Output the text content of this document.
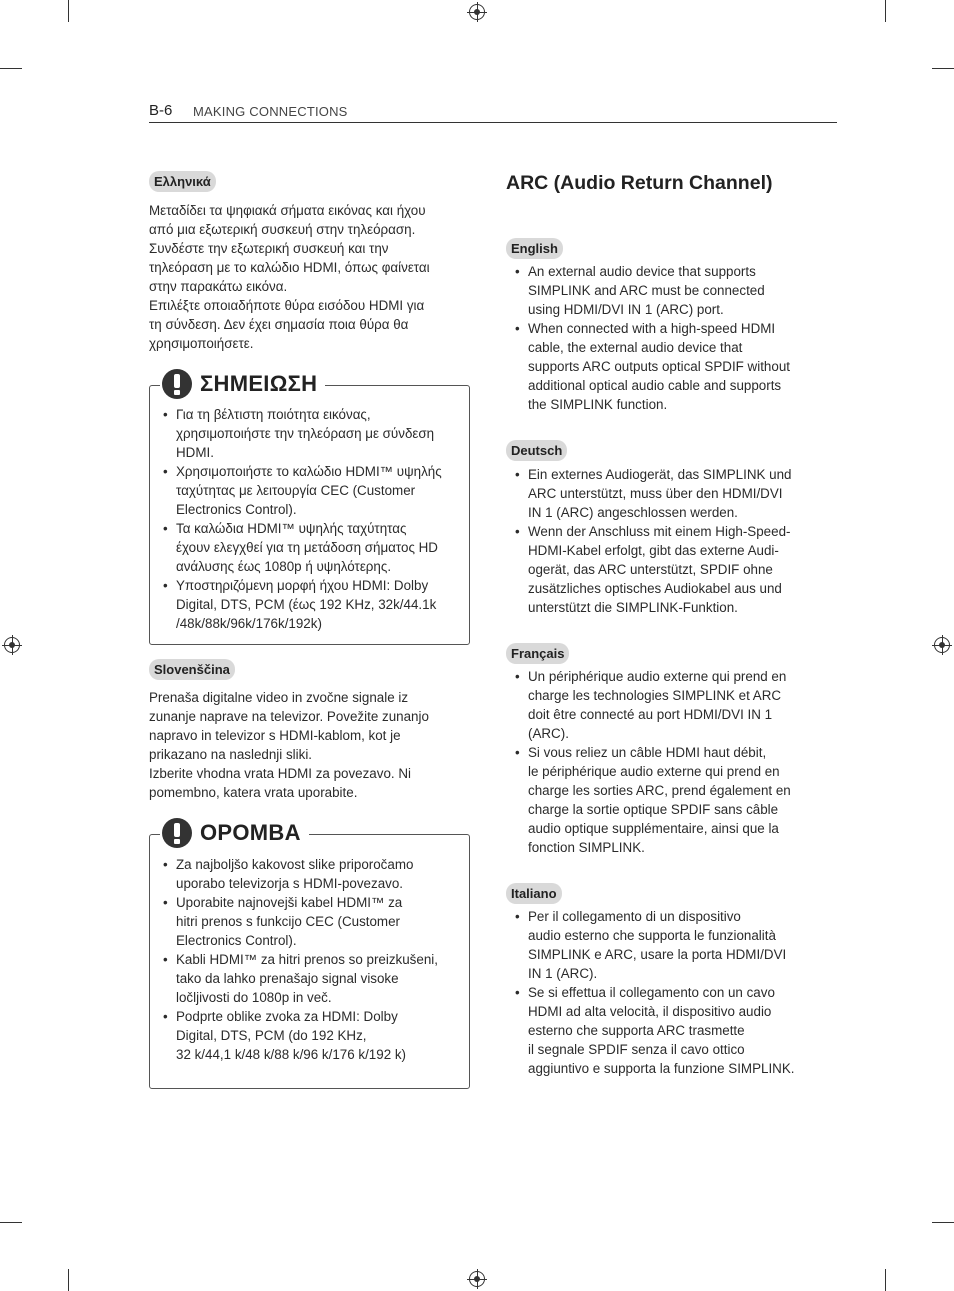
B-6 MAKING CONNECTIONS
Ελληνικά
Μεταδίδει τα ψηφιακά σήματα εικόνας και ήχου
από μια εξωτερική συσκευή στην τηλεόραση.
Συνδέστε την εξωτερική συσκευή και την
τηλεόραση με το καλώδιο HDMI, όπως φαίνεται
στην παρακάτω εικόνα.
Επιλέξτε οποιαδήποτε θύρα εισόδου HDMI για
τη σύνδεση. Δεν έχει σημασία ποια θύρα θα
χρησιμοποιήσετε.
ΣΗΜΕΙΩΣΗ
• Για τη βέλτιστη ποιότητα εικόνας,
χρησιμοποιήστε την τηλεόραση με σύνδεση
HDMI.
• Χρησιμοποιήστε το καλώδιο HDMI™ υψηλής
ταχύτητας με λειτουργία CEC (Customer
Electronics Control).
• Τα καλώδια HDMI™ υψηλής ταχύτητας
έχουν ελεγχθεί για τη μετάδοση σήματος HD
ανάλυσης έως 1080p ή υψηλότερης.
• Υποστηριζόμενη μορφή ήχου HDMI: Dolby
Digital, DTS, PCM (έως 192 KHz, 32k/44.1k
/48k/88k/96k/176k/192k)
Slovenščina
Prenaša digitalne video in zvočne signale iz
zunanje naprave na televizor. Povežite zunanjo
napravo in televizor s HDMI-kablom, kot je
prikazano na naslednji sliki.
Izberite vhodna vrata HDMI za povezavo. Ni
pomembno, katera vrata uporabite.
OPOMBA
• Za najboljšo kakovost slike priporočamo
uporabo televizorja s HDMI-povezavo.
• Uporabite najnovejši kabel HDMI™ za
hitri prenos s funkcijo CEC (Customer
Electronics Control).
• Kabli HDMI™ za hitri prenos so preizkušeni,
tako da lahko prenašajo signal visoke
ločljivosti do 1080p in več.
• Podprte oblike zvoka za HDMI: Dolby
Digital, DTS, PCM (do 192 KHz,
32 k/44,1 k/48 k/88 k/96 k/176 k/192 k)
ARC (Audio Return Channel)
English
• An external audio device that supports
SIMPLINK and ARC must be connected
using HDMI/DVI IN 1 (ARC) port.
• When connected with a high-speed HDMI
cable, the external audio device that
supports ARC outputs optical SPDIF without
additional optical audio cable and supports
the SIMPLINK function.
Deutsch
• Ein externes Audiogerät, das SIMPLINK und
ARC unterstützt, muss über den HDMI/DVI
IN 1 (ARC) angeschlossen werden.
• Wenn der Anschluss mit einem High-Speed-
HDMI-Kabel erfolgt, gibt das externe Audi-
ogerät, das ARC unterstützt, SPDIF ohne
zusätzliches optisches Audiokabel aus und
unterstützt die SIMPLINK-Funktion.
Français
• Un périphérique audio externe qui prend en
charge les technologies SIMPLINK et ARC
doit être connecté au port HDMI/DVI IN 1
(ARC).
• Si vous reliez un câble HDMI haut débit,
le périphérique audio externe qui prend en
charge les sorties ARC, prend également en
charge la sortie optique SPDIF sans câble
audio optique supplémentaire, ainsi que la
fonction SIMPLINK.
Italiano
• Per il collegamento di un dispositivo
audio esterno che supporta le funzionalità
SIMPLINK e ARC, usare la porta HDMI/DVI
IN 1 (ARC).
• Se si effettua il collegamento con un cavo
HDMI ad alta velocità, il dispositivo audio
esterno che supporta ARC trasmette
il segnale SPDIF senza il cavo ottico
aggiuntivo e supporta la funzione SIMPLINK.
